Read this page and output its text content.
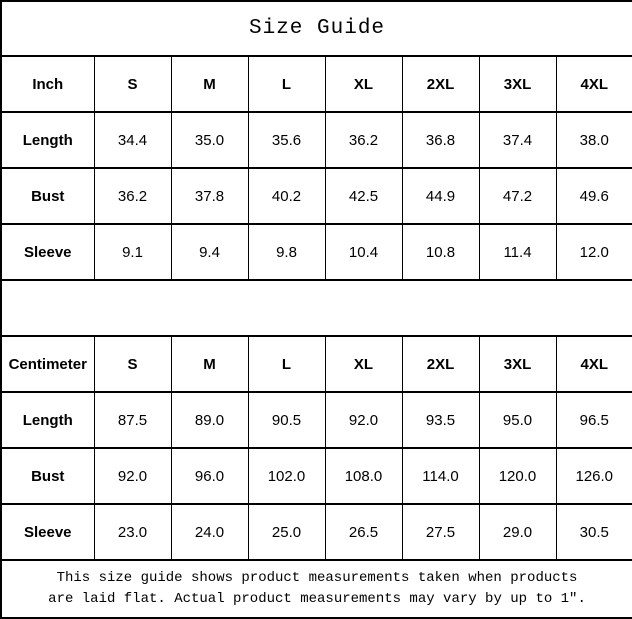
Size Guide							
Inch	S	M	L	XL	2XL	3XL	4XL
Length	34.4	35.0	35.6	36.2	36.8	37.4	38.0
Bust	36.2	37.8	40.2	42.5	44.9	47.2	49.6
Sleeve	9.1	9.4	9.8	10.4	10.8	11.4	12.0

Centimeter	S	M	L	XL	2XL	3XL	4XL
Length	87.5	89.0	90.5	92.0	93.5	95.0	96.5
Bust	92.0	96.0	102.0	108.0	114.0	120.0	126.0
Sleeve	23.0	24.0	25.0	26.5	27.5	29.0	30.5

This size guide shows product measurements taken when products
are laid flat. Actual product measurements may vary by up to 1″.							
